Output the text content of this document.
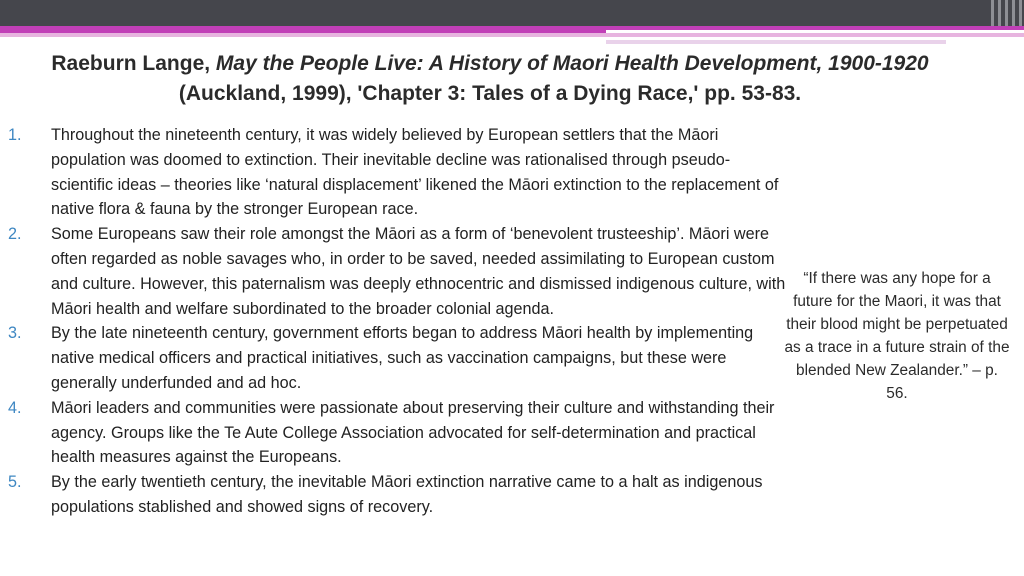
Raeburn Lange, May the People Live: A History of Maori Health Development, 1900-1920 (Auckland, 1999), 'Chapter 3: Tales of a Dying Race,' pp. 53-83.
1. Throughout the nineteenth century, it was widely believed by European settlers that the Māori population was doomed to extinction. Their inevitable decline was rationalised through pseudo-scientific ideas – theories like ‘natural displacement’ likened the Māori extinction to the replacement of native flora & fauna by the stronger European race.
2. Some Europeans saw their role amongst the Māori as a form of ‘benevolent trusteeship’. Māori were often regarded as noble savages who, in order to be saved, needed assimilating to European custom and culture. However, this paternalism was deeply ethnocentric and dismissed indigenous culture, with Māori health and welfare subordinated to the broader colonial agenda.
3. By the late nineteenth century, government efforts began to address Māori health by implementing native medical officers and practical initiatives, such as vaccination campaigns, but these were generally underfunded and ad hoc.
4. Māori leaders and communities were passionate about preserving their culture and withstanding their agency. Groups like the Te Aute College Association advocated for self-determination and practical health measures against the Europeans.
5. By the early twentieth century, the inevitable Māori extinction narrative came to a halt as indigenous populations stablished and showed signs of recovery.
“If there was any hope for a future for the Maori, it was that their blood might be perpetuated as a trace in a future strain of the blended New Zealander.” – p. 56.
